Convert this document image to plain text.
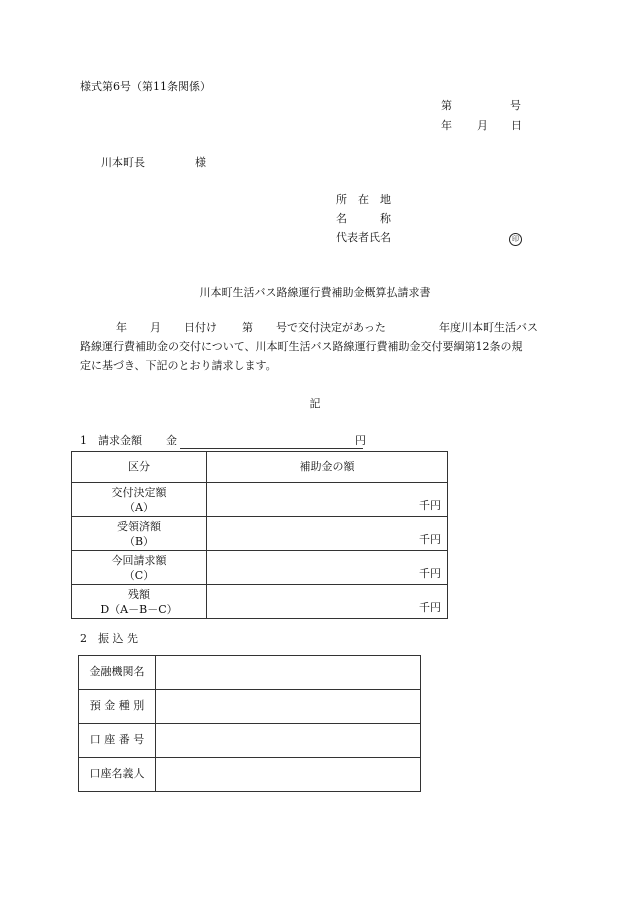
様式第6号（第11条関係）
第	号
年 月 日
川本町長	様
所　在　地
名　　　称
代表者氏名	印
川本町生活バス路線運行費補助金概算払請求書
年 月 日付け 第 号で交付決定があった	年度川本町生活バス
路線運行費補助金の交付について、川本町生活バス路線運行費補助金交付要綱第12条の規
定に基づき、下記のとおり請求します。
記
1　請求金額 金	円
区分	補助金の額

交付決定額
（A）	千円

受領済額
（B）	千円

今回請求額
（C）	千円

残額
D（A－B－C）	千円
2　振 込 先
金融機関名	
預 金 種 別	
口 座 番 号	
口座名義人	
